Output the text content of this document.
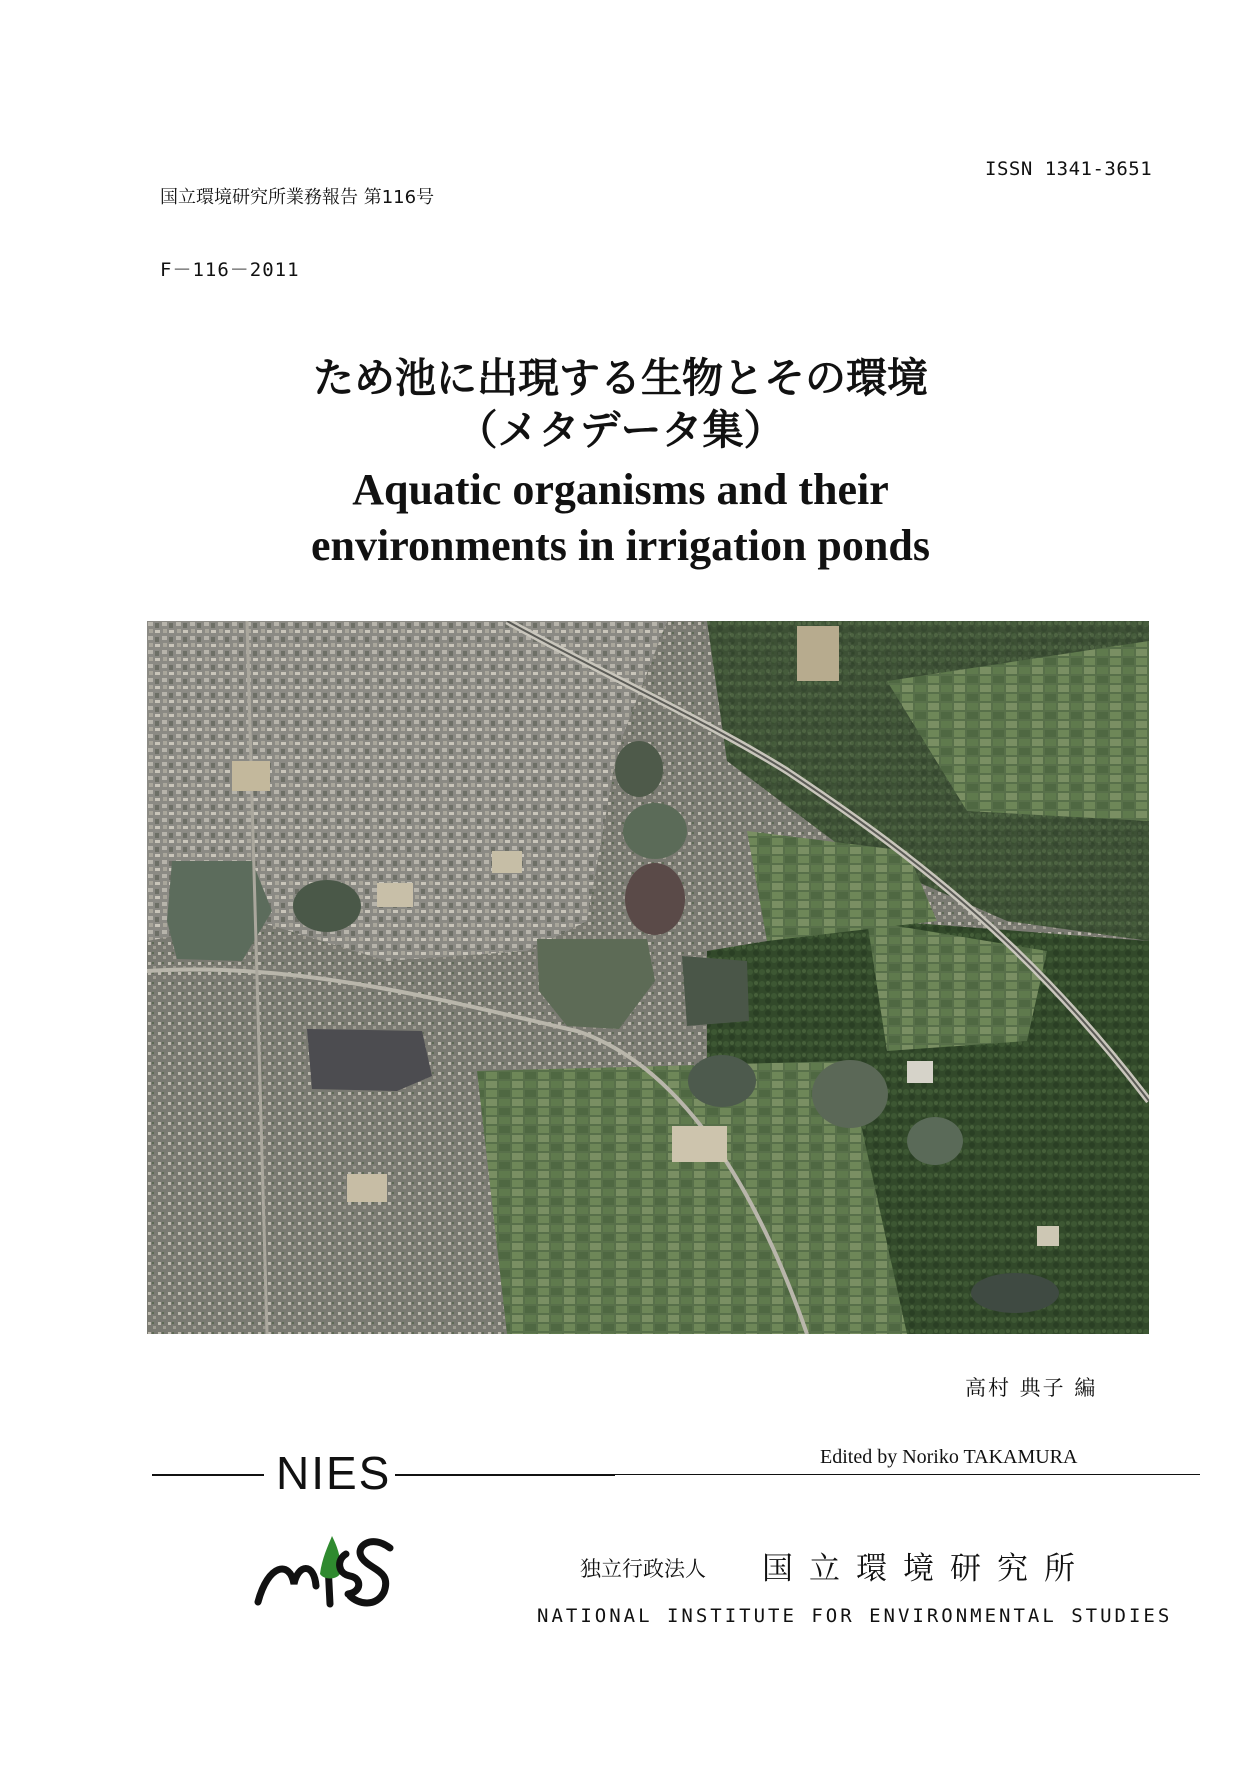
ISSN 1341-3651
国立環境研究所業務報告 第116号
F－116－2011
ため池に出現する生物とその環境
（メタデータ集）
Aquatic organisms and their
environments in irrigation ponds
高村 典子 編
Edited by Noriko TAKAMURA
NIES
独立行政法人 国立環境研究所
NATIONAL INSTITUTE FOR ENVIRONMENTAL STUDIES
